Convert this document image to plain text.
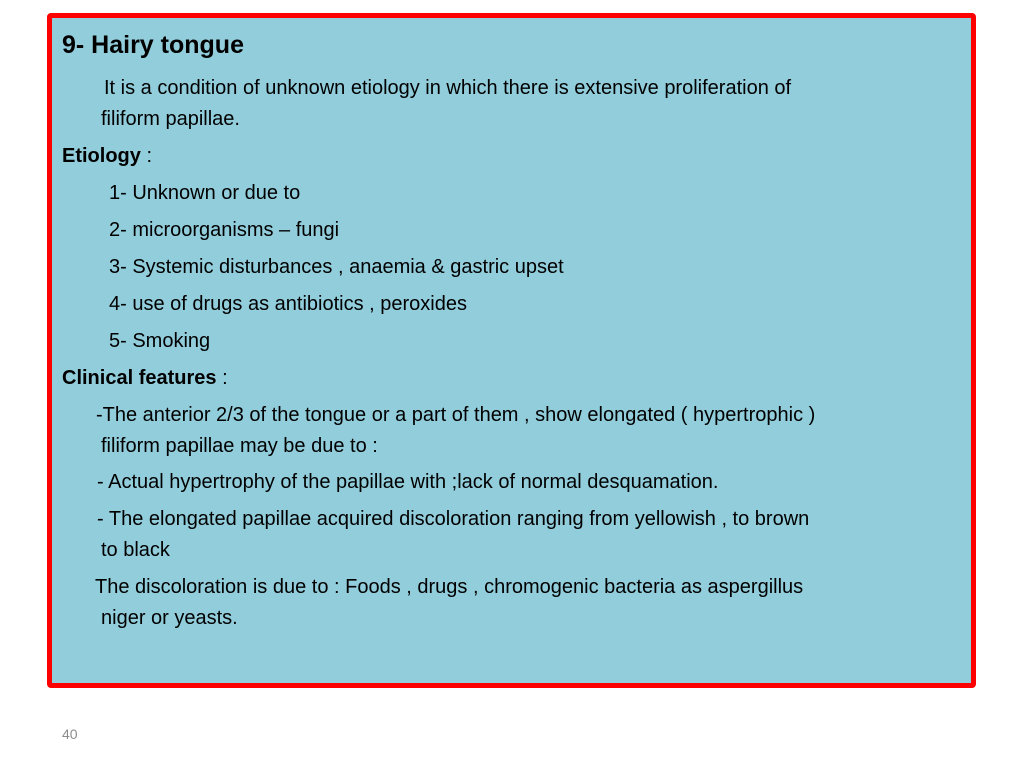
9- Hairy tongue
It is a condition of unknown etiology in which there is extensive proliferation of
filiform papillae.
Etiology :
1- Unknown or due to
2- microorganisms – fungi
3- Systemic disturbances , anaemia & gastric upset
4- use of drugs as antibiotics , peroxides
5- Smoking
Clinical features :
-The anterior 2/3 of the tongue or a part of them , show elongated ( hypertrophic )
filiform papillae may be due to :
- Actual hypertrophy of the papillae with ;lack of normal desquamation.
- The elongated papillae acquired discoloration ranging from yellowish , to brown
to black
The discoloration is due to : Foods , drugs , chromogenic bacteria as aspergillus
niger or yeasts.
40
